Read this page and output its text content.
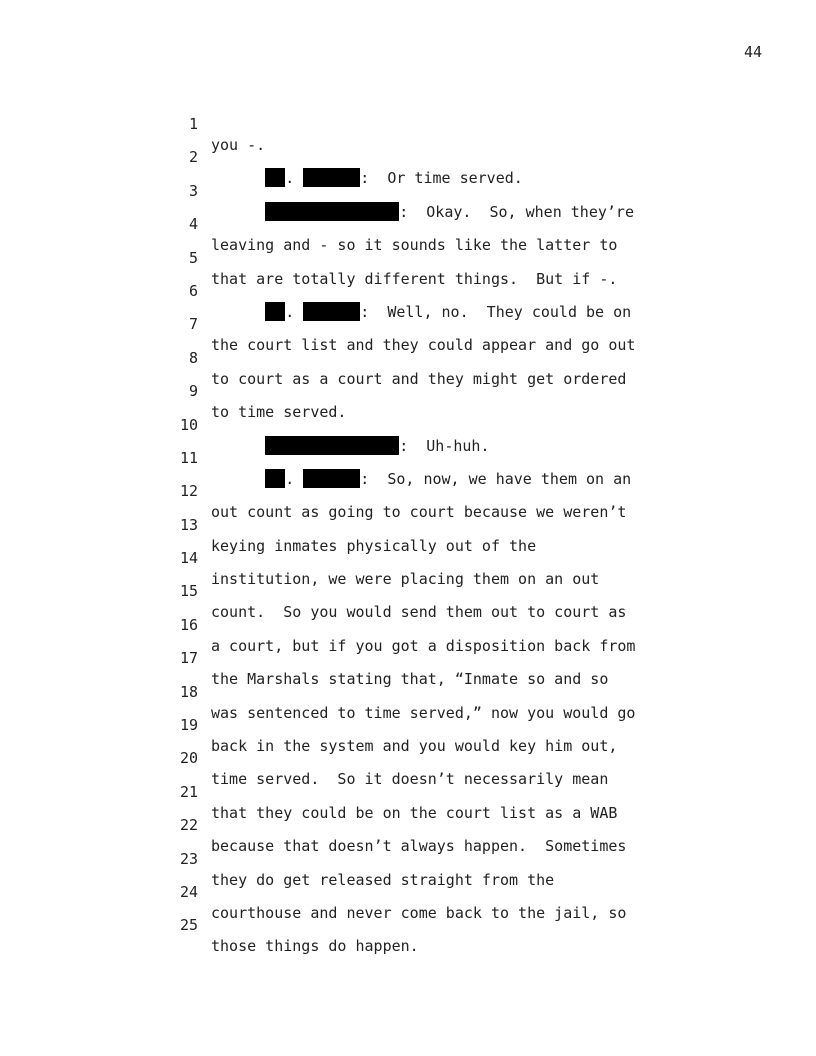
44

1

you -.

2

.	:  Or time served.

3

:  Okay.  So, when they’re

4

leaving and - so it sounds like the latter to

5

that are totally different things.  But if -.

6

.	:  Well, no.  They could be on

7

the court list and they could appear and go out

8

to court as a court and they might get ordered

9

to time served.

10

:  Uh-huh.

11

.	:  So, now, we have them on an

12

out count as going to court because we weren’t

13

keying inmates physically out of the

14

institution, we were placing them on an out

15

count.  So you would send them out to court as

16

a court, but if you got a disposition back from

17

the Marshals stating that, “Inmate so and so

18

was sentenced to time served,” now you would go

19

back in the system and you would key him out,

20

time served.  So it doesn’t necessarily mean

21

that they could be on the court list as a WAB

22

because that doesn’t always happen.  Sometimes

23

they do get released straight from the

24

courthouse and never come back to the jail, so

25

those things do happen.
